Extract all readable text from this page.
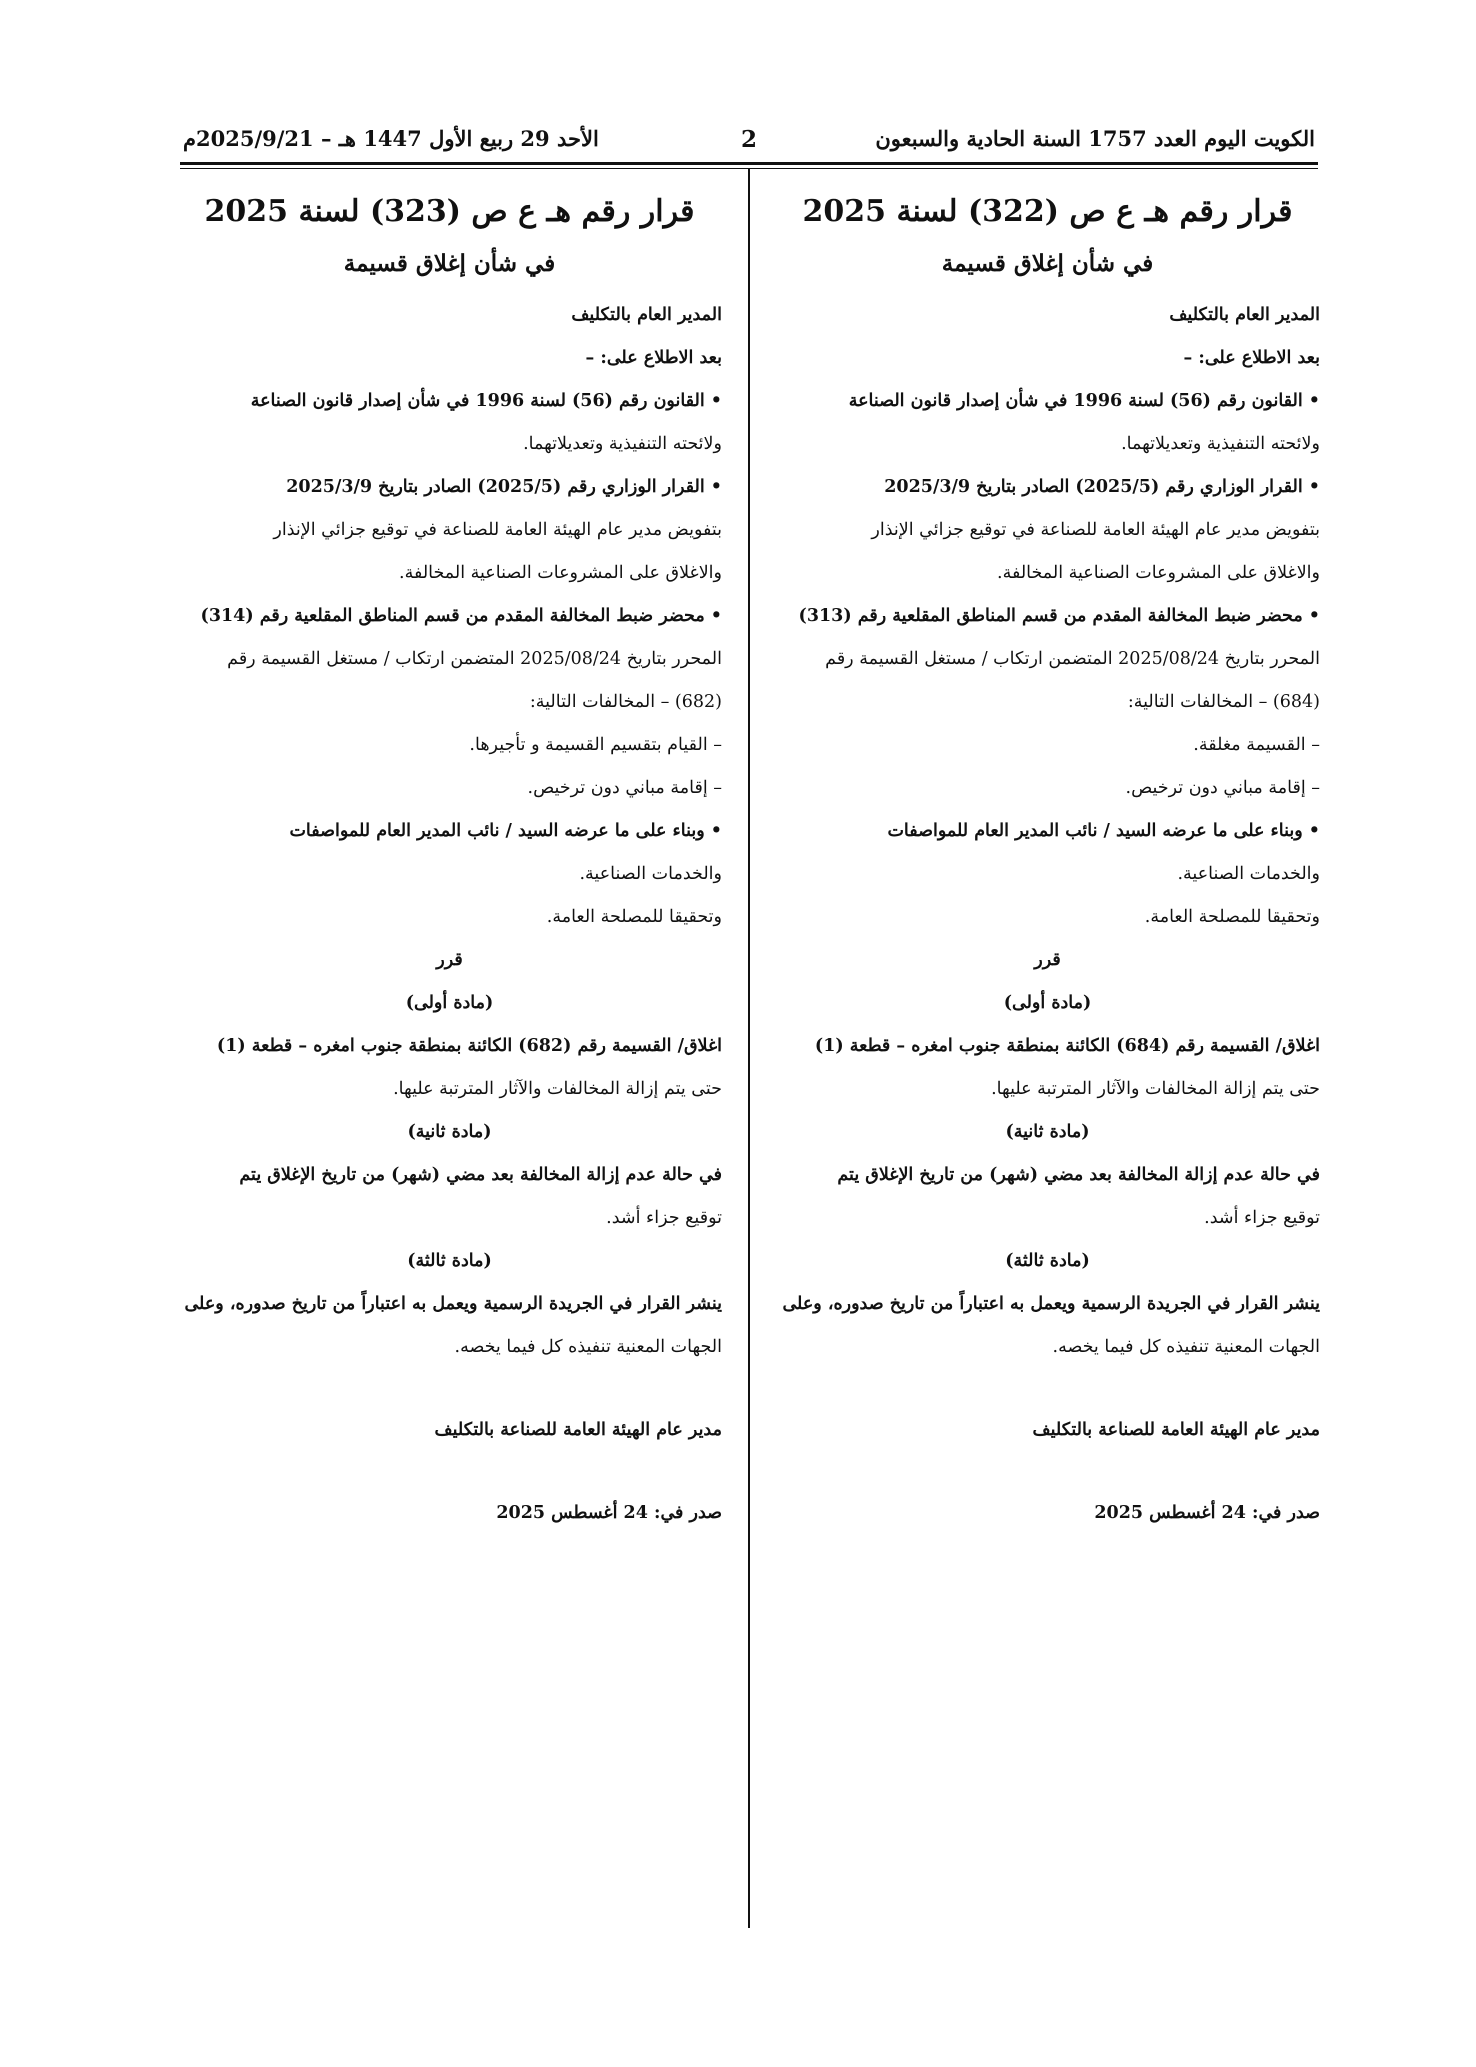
الكويت اليوم العدد 1757 السنة الحادية والسبعون
2
الأحد 29 ربيع الأول 1447 هـ – 2025/9/21م
قرار رقم هـ ع ص (322) لسنة 2025
في شأن إغلاق قسيمة
المدير العام بالتكليف
بعد الاطلاع على: –
• القانون رقم (56) لسنة 1996 في شأن إصدار قانون الصناعة
ولائحته التنفيذية وتعديلاتهما.
• القرار الوزاري رقم (2025/5) الصادر بتاريخ 2025/3/9
بتفويض مدير عام الهيئة العامة للصناعة في توقيع جزائي الإنذار
والاغلاق على المشروعات الصناعية المخالفة.
• محضر ضبط المخالفة المقدم من قسم المناطق المقلعية رقم (313)
المحرر بتاريخ 2025/08/24 المتضمن ارتكاب / مستغل القسيمة رقم
(684) – المخالفات التالية:
– القسيمة مغلقة.
– إقامة مباني دون ترخيص.
• وبناء على ما عرضه السيد / نائب المدير العام للمواصفات
والخدمات الصناعية.
وتحقيقا للمصلحة العامة.
قرر
(مادة أولى)
اغلاق/ القسيمة رقم (684) الكائنة بمنطقة جنوب امغره – قطعة (1)
حتى يتم إزالة المخالفات والآثار المترتبة عليها.
(مادة ثانية)
في حالة عدم إزالة المخالفة بعد مضي (شهر) من تاريخ الإغلاق يتم
توقيع جزاء أشد.
(مادة ثالثة)
ينشر القرار في الجريدة الرسمية ويعمل به اعتباراً من تاريخ صدوره، وعلى
الجهات المعنية تنفيذه كل فيما يخصه.
مدير عام الهيئة العامة للصناعة بالتكليف
صدر في: 24 أغسطس 2025
قرار رقم هـ ع ص (323) لسنة 2025
في شأن إغلاق قسيمة
المدير العام بالتكليف
بعد الاطلاع على: –
• القانون رقم (56) لسنة 1996 في شأن إصدار قانون الصناعة
ولائحته التنفيذية وتعديلاتهما.
• القرار الوزاري رقم (2025/5) الصادر بتاريخ 2025/3/9
بتفويض مدير عام الهيئة العامة للصناعة في توقيع جزائي الإنذار
والاغلاق على المشروعات الصناعية المخالفة.
• محضر ضبط المخالفة المقدم من قسم المناطق المقلعية رقم (314)
المحرر بتاريخ 2025/08/24 المتضمن ارتكاب / مستغل القسيمة رقم
(682) – المخالفات التالية:
– القيام بتقسيم القسيمة و تأجيرها.
– إقامة مباني دون ترخيص.
• وبناء على ما عرضه السيد / نائب المدير العام للمواصفات
والخدمات الصناعية.
وتحقيقا للمصلحة العامة.
قرر
(مادة أولى)
اغلاق/ القسيمة رقم (682) الكائنة بمنطقة جنوب امغره – قطعة (1)
حتى يتم إزالة المخالفات والآثار المترتبة عليها.
(مادة ثانية)
في حالة عدم إزالة المخالفة بعد مضي (شهر) من تاريخ الإغلاق يتم
توقيع جزاء أشد.
(مادة ثالثة)
ينشر القرار في الجريدة الرسمية ويعمل به اعتباراً من تاريخ صدوره، وعلى
الجهات المعنية تنفيذه كل فيما يخصه.
مدير عام الهيئة العامة للصناعة بالتكليف
صدر في: 24 أغسطس 2025
